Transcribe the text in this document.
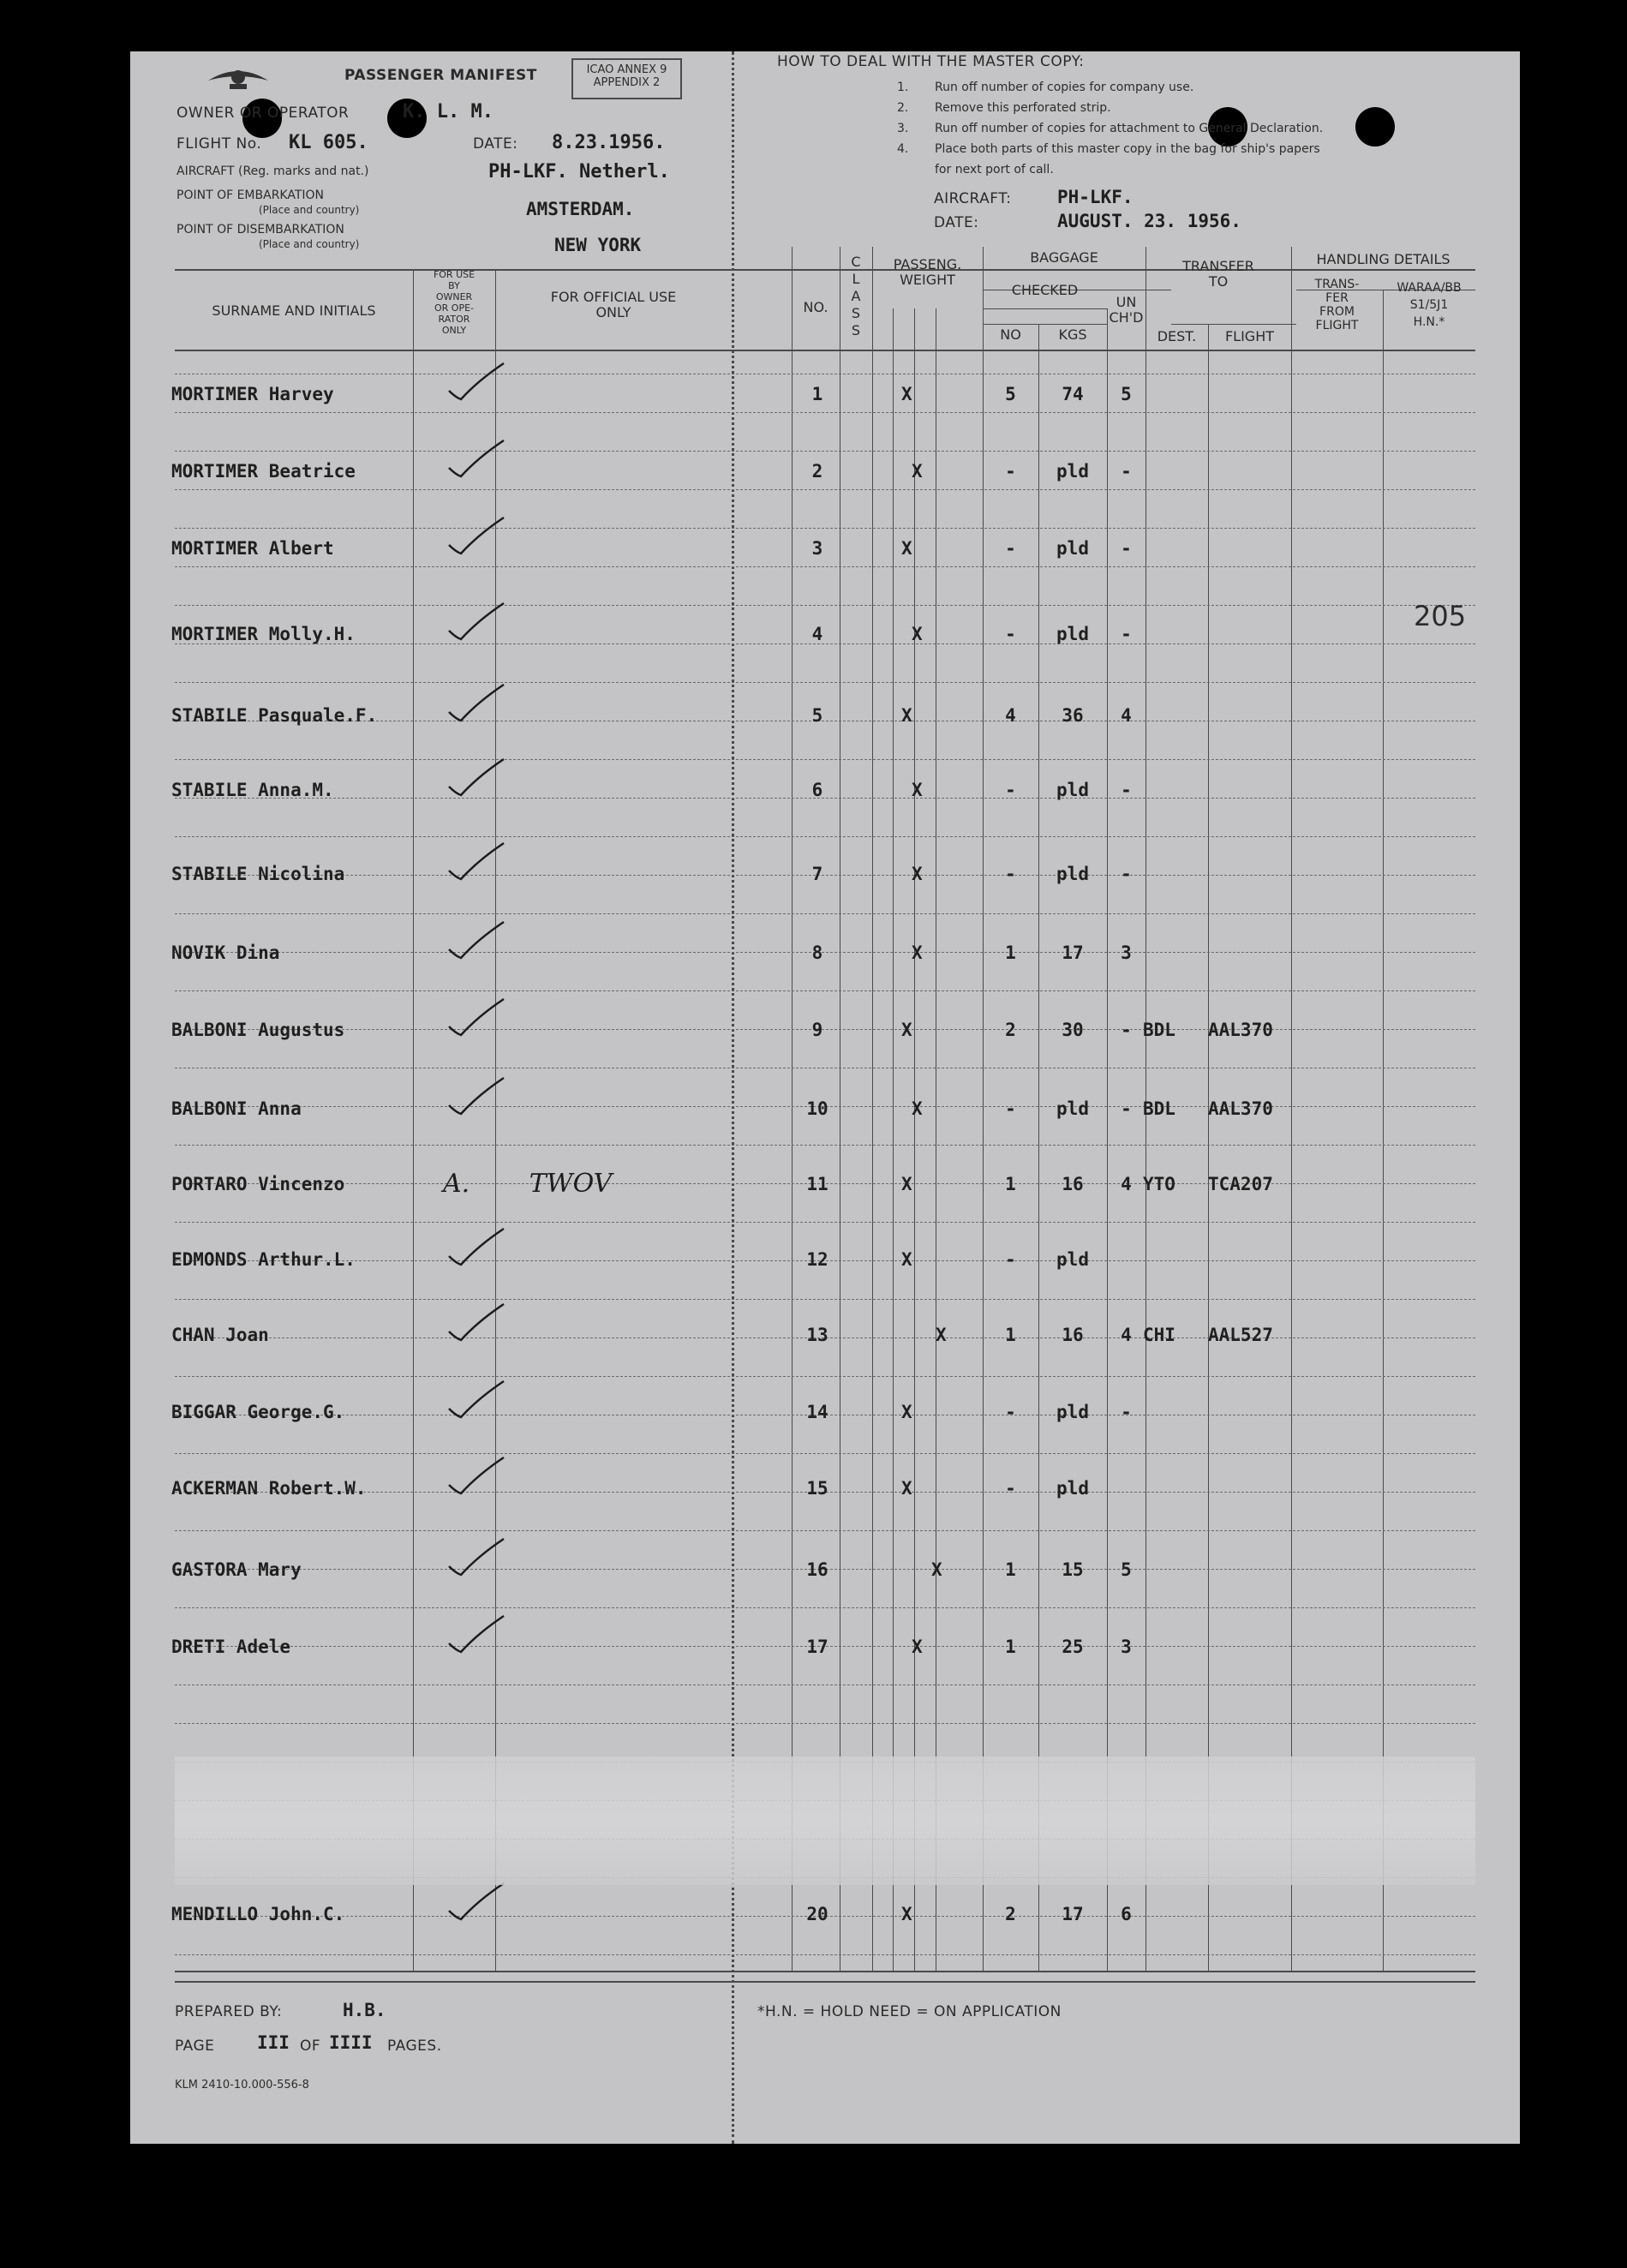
PASSENGER MANIFEST	ICAO ANNEX 9
APPENDIX 2
OWNER OR OPERATOR	K. L. M.
FLIGHT No. KL 605.	DATE: 8.23.1956.
AIRCRAFT (Reg. marks and nat.)	PH-LKF. Netherl.
POINT OF EMBARKATION
(Place and country)	AMSTERDAM.
POINT OF DISEMBARKATION
(Place and country)	NEW YORK
HOW TO DEAL WITH THE MASTER COPY:
1. Run off number of copies for company use.
2. Remove this perforated strip.
3. Run off number of copies for attachment to General Declaration.
4. Place both parts of this master copy in the bag for ship's papers
for next port of call.
AIRCRAFT:	PH-LKF.
DATE:	AUGUST. 23. 1956.
SURNAME AND INITIALS
FOR USE
BY
OWNER
OR OPE-
RATOR
ONLY
FOR OFFICIAL USE
ONLY	NO.
C
L
A
S
S
PASSENG.
WEIGHT
BAGGAGE
CHECKED
NO	KGS
UN
CH'D
TRANSFER
TO
DEST.	FLIGHT
HANDLING DETAILS
TRANS-
FER
FROM
FLIGHT
WARAA/BB
S1/5J1
H.N.*
205
MORTIMER Harvey	1	X	5	74	5
MORTIMER Beatrice	2	X	-	pld	-
MORTIMER Albert	3	X	-	pld	-
MORTIMER Molly.H.	4	X	-	pld	-
STABILE Pasquale.F.	5	X	4	36	4
STABILE Anna.M.	6	X	-	pld	-
STABILE Nicolina	7	X	-	pld	-
NOVIK Dina	8	X	1	17	3
BALBONI Augustus	9	X	2	30	- BDL AAL370
BALBONI Anna	10	X	-	pld	- BDL AAL370
PORTARO Vincenzo	11	X	1	16	4 YTO TCA207
A. TWOV
EDMONDS Arthur.L.	12	X	-	pld
CHAN Joan	13	X	1	16	4 CHI AAL527
BIGGAR George.G.	14	X	-	pld	-
ACKERMAN Robert.W.	15	X	-	pld
GASTORA Mary	16	X	1	15	5
DRETI Adele	17	X	1	25	3
MENDILLO John.C.	20	X	2	17	6
PREPARED BY:	H.B.
PAGE III OF IIII PAGES.
KLM 2410-10.000-556-8
*H.N. = HOLD NEED = ON APPLICATION
